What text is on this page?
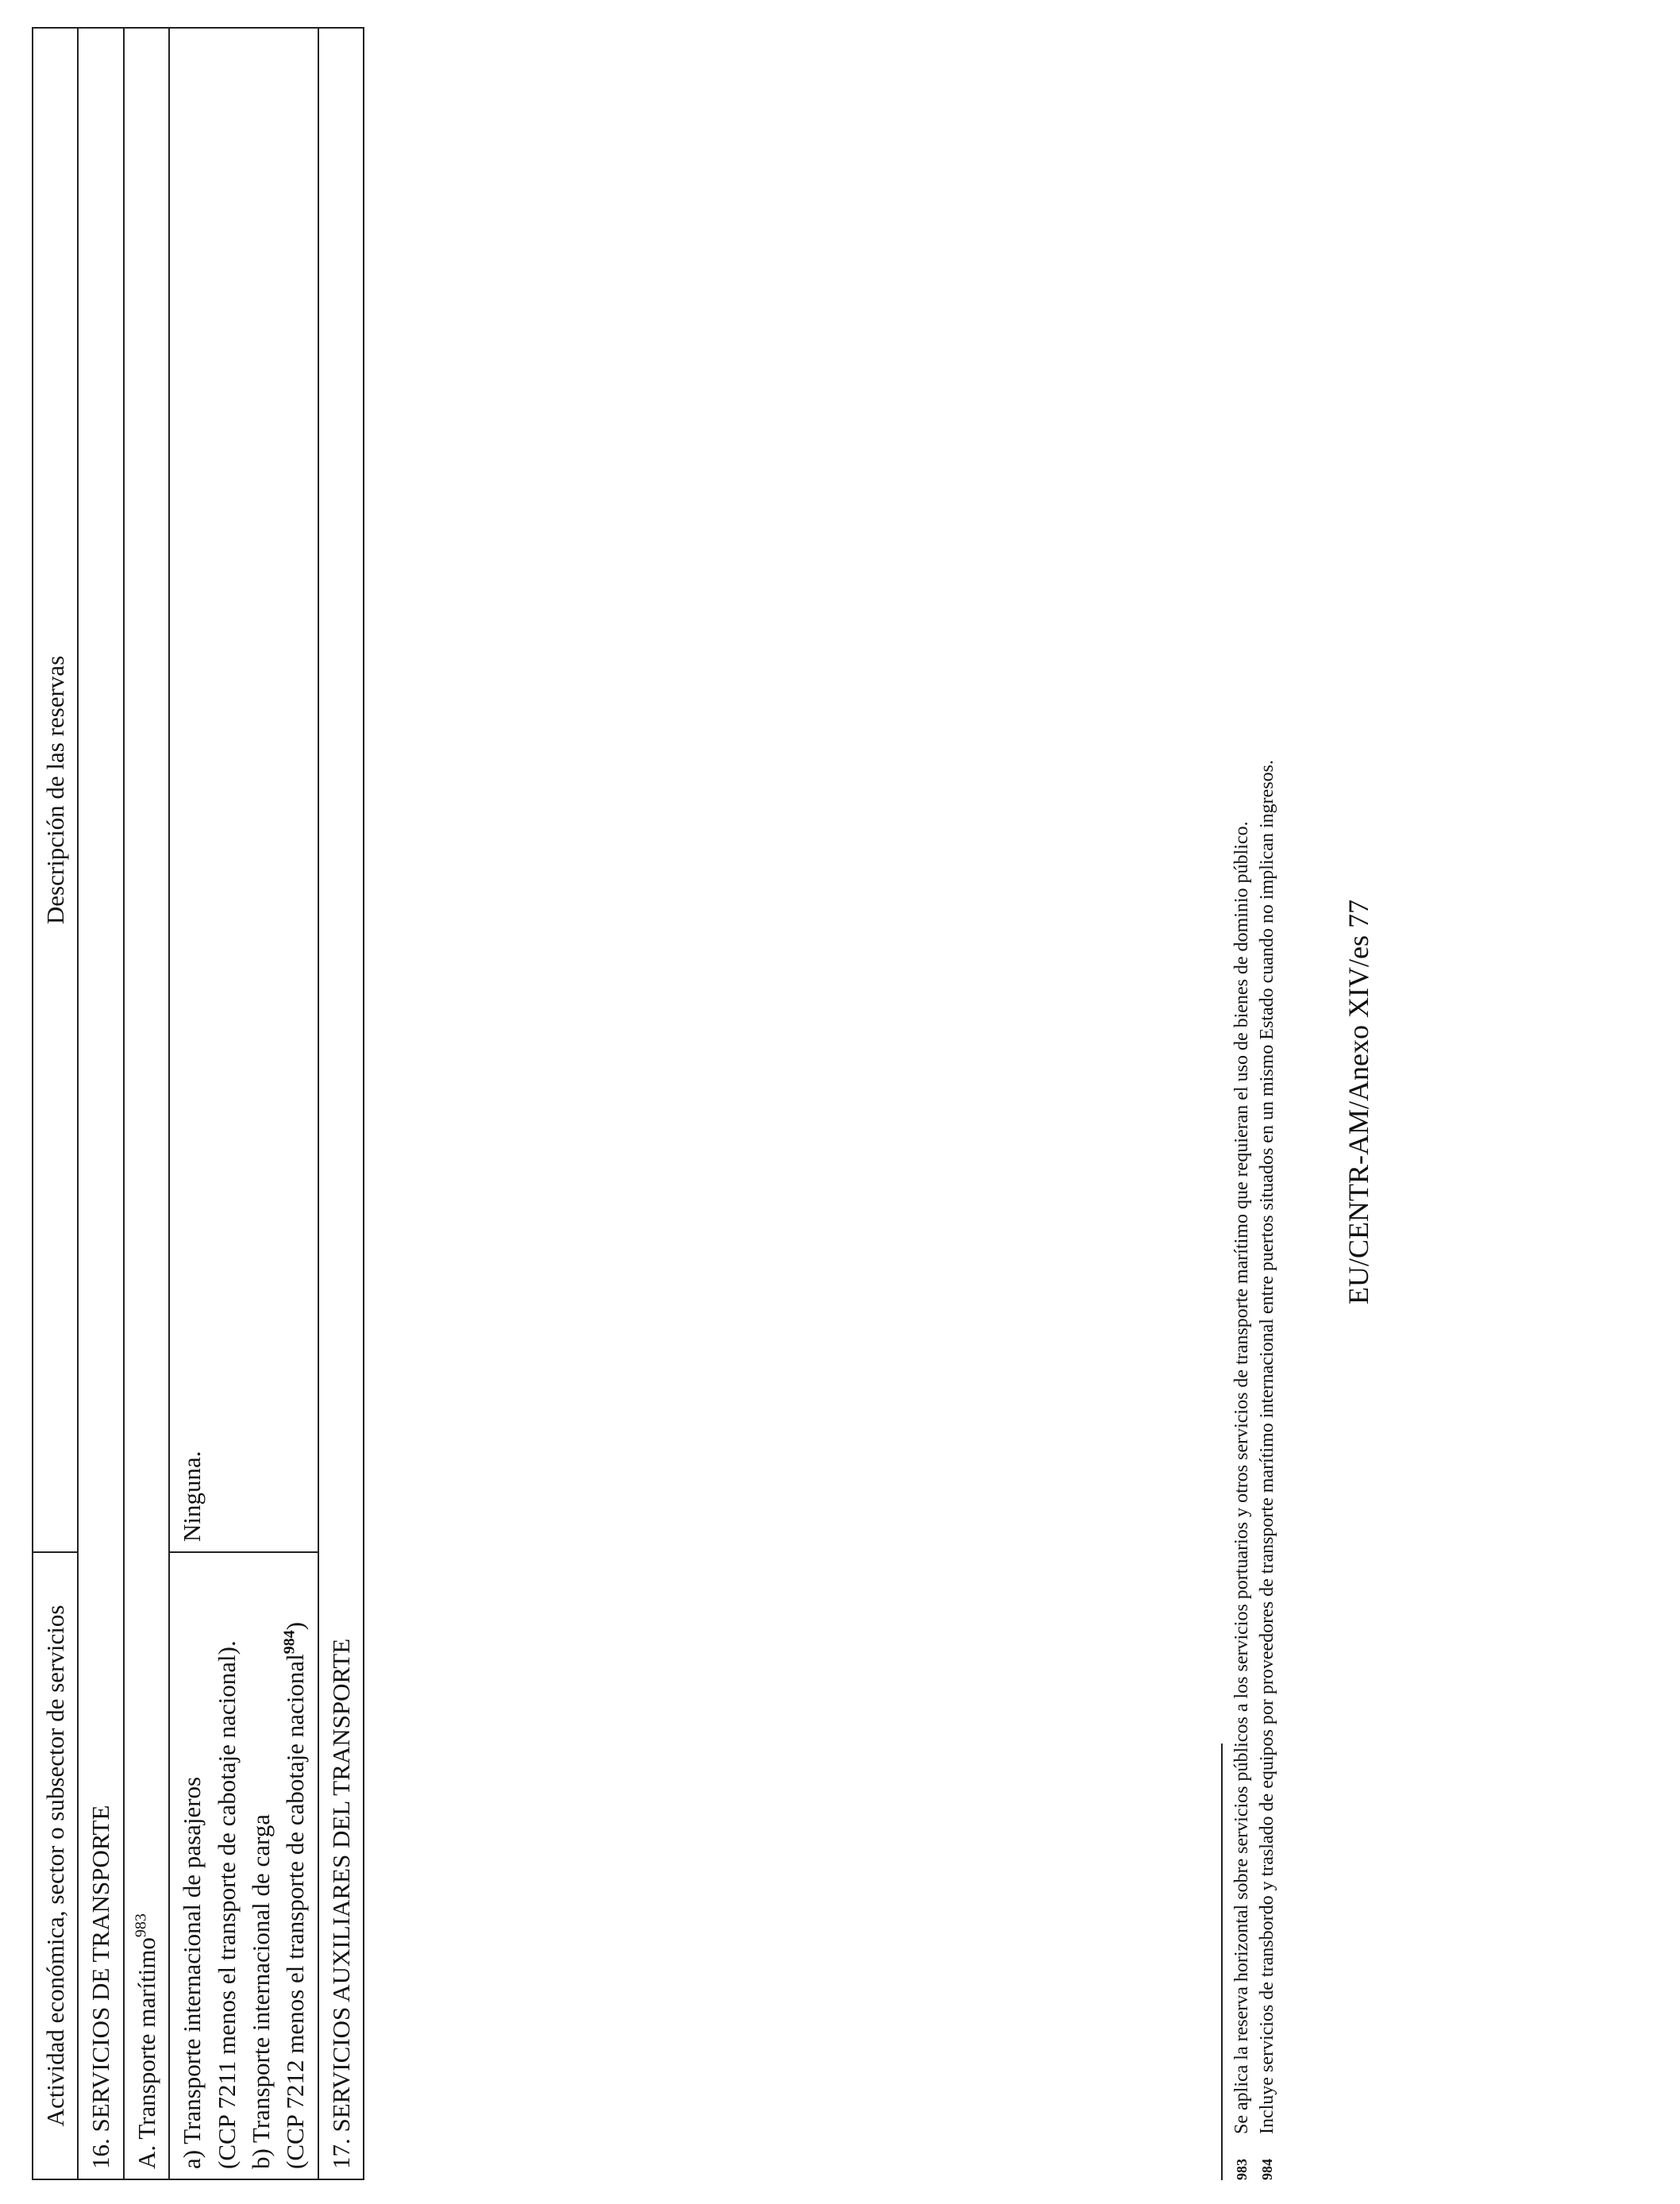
Actividad económica, sector o subsector de servicios	Descripción de las reservas
16. SERVICIOS DE TRANSPORTE	
A. Transporte marítimo$^{983}$

a) Transporte internacional de pasajeros (CCP 7211 menos el transporte de cabotaje nacional). b) Transporte internacional de carga (CCP 7212 menos el transporte de cabotaje nacional$^{984}$)	Ninguna.
17. SERVICIOS AUXILIARES DEL TRANSPORTE	
983
Se aplica la reserva horizontal sobre servicios públicos a los servicios portuarios y otros servicios de transporte marítimo que requieran el uso de bienes de dominio público.
984
Incluye servicios de transbordo y traslado de equipos por proveedores de transporte marítimo internacional entre puertos situados en un mismo Estado cuando no implican ingresos. EU/CENTR-AM/Anexo XIV/es 77
